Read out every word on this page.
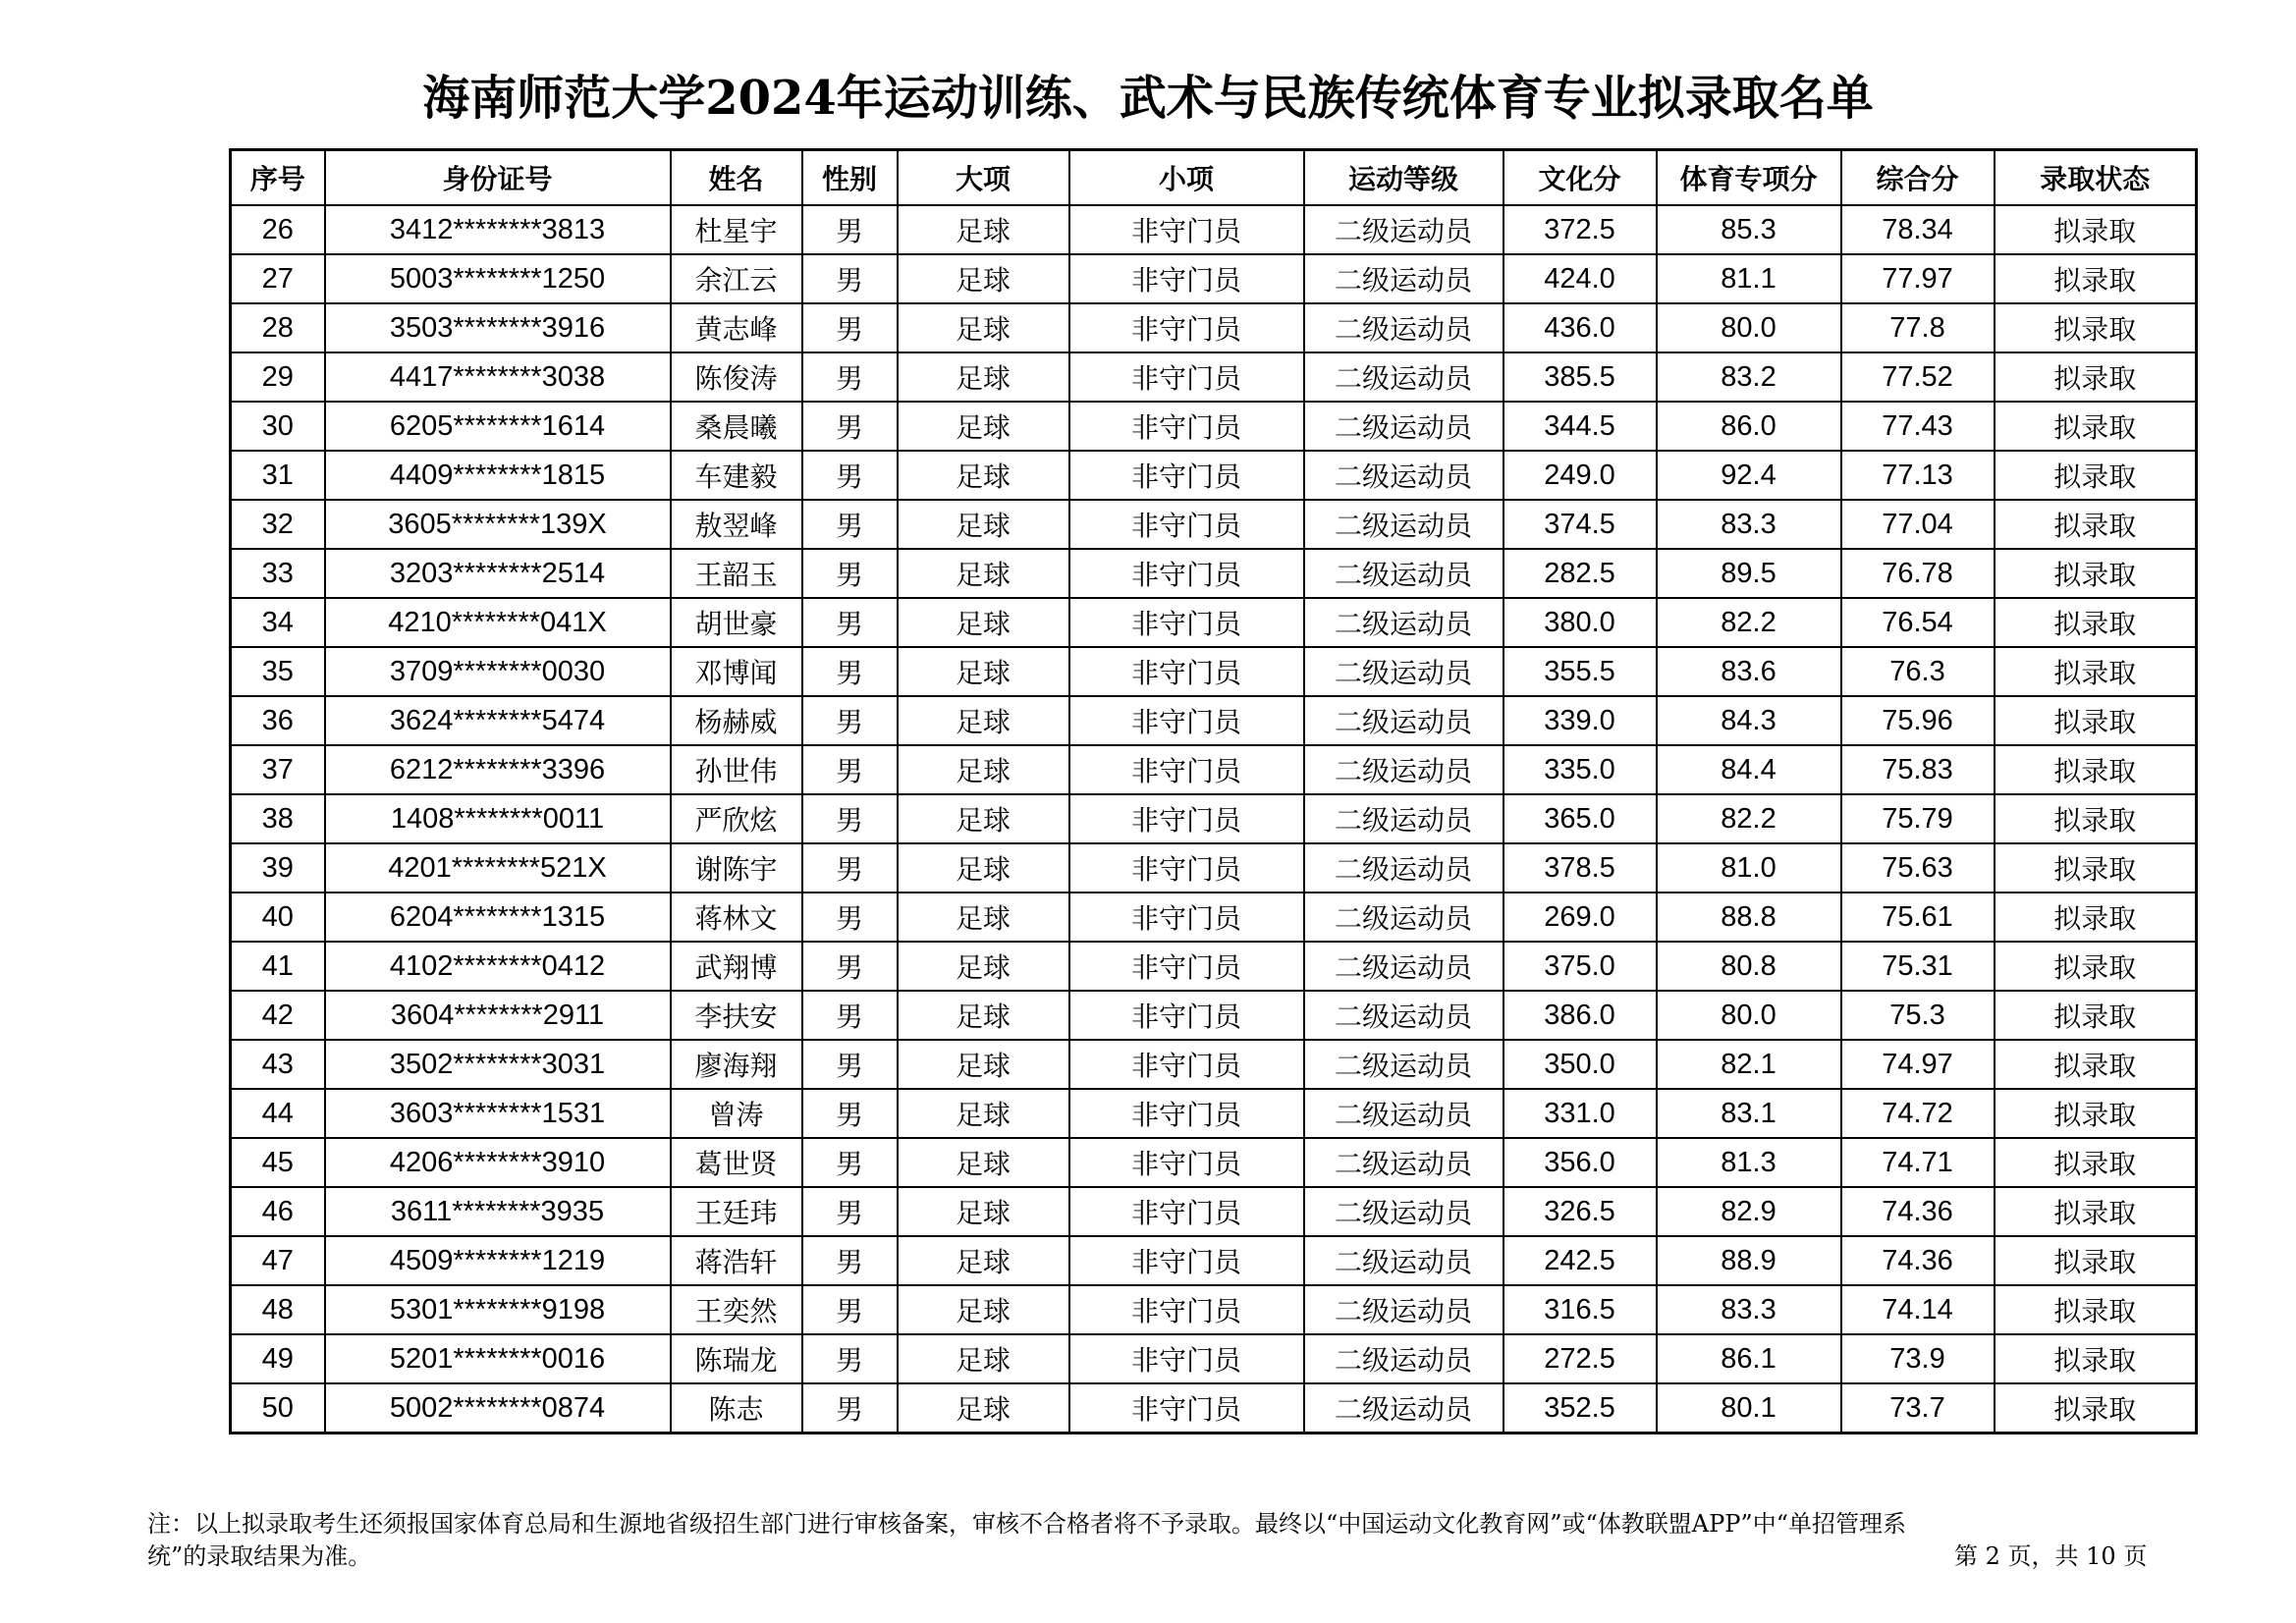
海南师范大学2024年运动训练、武术与民族传统体育专业拟录取名单
序号	身份证号	姓名	性别	大项	小项	运动等级	文化分	体育专项分	综合分	录取状态
26	3412********3813	杜星宇	男	足球	非守门员	二级运动员	372.5	85.3	78.34	拟录取
27	5003********1250	余江云	男	足球	非守门员	二级运动员	424.0	81.1	77.97	拟录取
28	3503********3916	黄志峰	男	足球	非守门员	二级运动员	436.0	80.0	77.8	拟录取
29	4417********3038	陈俊涛	男	足球	非守门员	二级运动员	385.5	83.2	77.52	拟录取
30	6205********1614	桑晨曦	男	足球	非守门员	二级运动员	344.5	86.0	77.43	拟录取
31	4409********1815	车建毅	男	足球	非守门员	二级运动员	249.0	92.4	77.13	拟录取
32	3605********139X	敖翌峰	男	足球	非守门员	二级运动员	374.5	83.3	77.04	拟录取
33	3203********2514	王韶玉	男	足球	非守门员	二级运动员	282.5	89.5	76.78	拟录取
34	4210********041X	胡世豪	男	足球	非守门员	二级运动员	380.0	82.2	76.54	拟录取
35	3709********0030	邓博闻	男	足球	非守门员	二级运动员	355.5	83.6	76.3	拟录取
36	3624********5474	杨赫威	男	足球	非守门员	二级运动员	339.0	84.3	75.96	拟录取
37	6212********3396	孙世伟	男	足球	非守门员	二级运动员	335.0	84.4	75.83	拟录取
38	1408********0011	严欣炫	男	足球	非守门员	二级运动员	365.0	82.2	75.79	拟录取
39	4201********521X	谢陈宇	男	足球	非守门员	二级运动员	378.5	81.0	75.63	拟录取
40	6204********1315	蒋林文	男	足球	非守门员	二级运动员	269.0	88.8	75.61	拟录取
41	4102********0412	武翔博	男	足球	非守门员	二级运动员	375.0	80.8	75.31	拟录取
42	3604********2911	李扶安	男	足球	非守门员	二级运动员	386.0	80.0	75.3	拟录取
43	3502********3031	廖海翔	男	足球	非守门员	二级运动员	350.0	82.1	74.97	拟录取
44	3603********1531	曾涛	男	足球	非守门员	二级运动员	331.0	83.1	74.72	拟录取
45	4206********3910	葛世贤	男	足球	非守门员	二级运动员	356.0	81.3	74.71	拟录取
46	3611********3935	王廷玮	男	足球	非守门员	二级运动员	326.5	82.9	74.36	拟录取
47	4509********1219	蒋浩轩	男	足球	非守门员	二级运动员	242.5	88.9	74.36	拟录取
48	5301********9198	王奕然	男	足球	非守门员	二级运动员	316.5	83.3	74.14	拟录取
49	5201********0016	陈瑞龙	男	足球	非守门员	二级运动员	272.5	86.1	73.9	拟录取
50	5002********0874	陈志	男	足球	非守门员	二级运动员	352.5	80.1	73.7	拟录取
注：以上拟录取考生还须报国家体育总局和生源地省级招生部门进行审核备案，审核不合格者将不予录取。最终以“中国运动文化教育网”或“体教联盟APP”中“单招管理系统”的录取结果为准。	第 2 页，共 10 页
